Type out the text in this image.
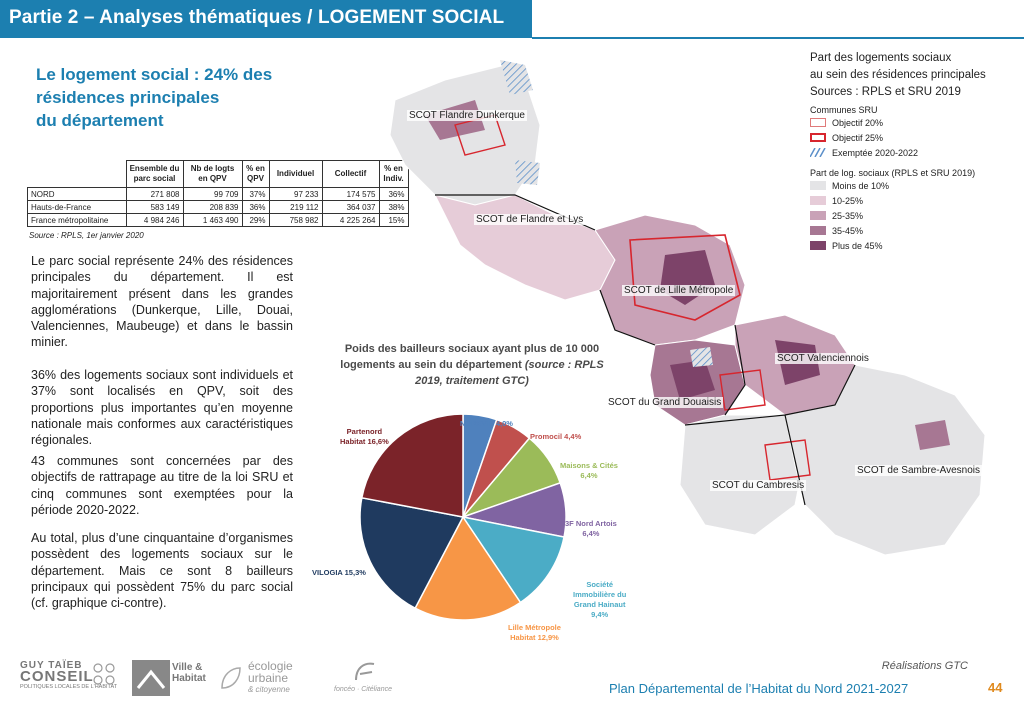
Partie 2 – Analyses thématiques / LOGEMENT SOCIAL
Le logement social : 24% des
résidences principales
du département
	Ensemble du parc social	Nb de logts en QPV	% en QPV	Individuel	Collectif	% en Indiv.
NORD	271 808	99 709	37%	97 233	174 575	36%
Hauts-de-France	583 149	208 839	36%	219 112	364 037	38%
France métropolitaine	4 984 246	1 463 490	29%	758 982	4 225 264	15%
Source : RPLS, 1er janvier 2020
Le parc social représente 24% des résidences principales du département. Il est majoritairement présent dans les grandes agglomérations (Dunkerque, Lille, Douai, Valenciennes, Maubeuge) et dans le bassin minier.
36% des logements sociaux sont individuels et 37% sont localisés en QPV, soit des proportions plus importantes qu’en moyenne nationale mais conformes aux caractéristiques régionales.
43 communes sont concernées par des objectifs de rattrapage au titre de la loi SRU et cinq communes sont exemptées pour la période 2020-2022.
Au total, plus d’une cinquantaine d’organismes possèdent des logements sociaux sur le département. Mais ce sont 8 bailleurs principaux qui possèdent 75% du parc social (cf. graphique ci-contre).
SCOT Flandre Dunkerque
SCOT de Flandre et Lys
SCOT de Lille Métropole
SCOT Valenciennois
SCOT du Grand Douaisis
SCOT du Cambresis
SCOT de Sambre-Avesnois
Part des logements sociaux
au sein des résidences principales
Sources : RPLS et SRU 2019
Communes SRU
Objectif 20%
Objectif 25%
Exemptée 2020-2022
Part de log. sociaux (RPLS et SRU 2019)
Moins de 10%
10-25%
25-35%
35-45%
Plus de 45%
Poids des bailleurs sociaux ayant plus de 10 000
logements au sein du département (source : RPLS
2019, traitement GTC)
NOREVIE 4,0%
Promocil 4,4%
Maisons & Cités
6,4%
3F Nord Artois
6,4%
Société
Immobilière du
Grand Hainaut
9,4%
Lille Métropole
Habitat 12,9%
VILOGIA 15,3%
Partenord
Habitat 16,6%
Réalisations GTC
Plan Départemental de l’Habitat du Nord 2021-2027	44
GUY TAÏEB
CONSEIL
POLITIQUES LOCALES DE L'HABITAT
Ville &
Habitat
écologie
urbaine
& citoyenne	foncéo · Citéliance
